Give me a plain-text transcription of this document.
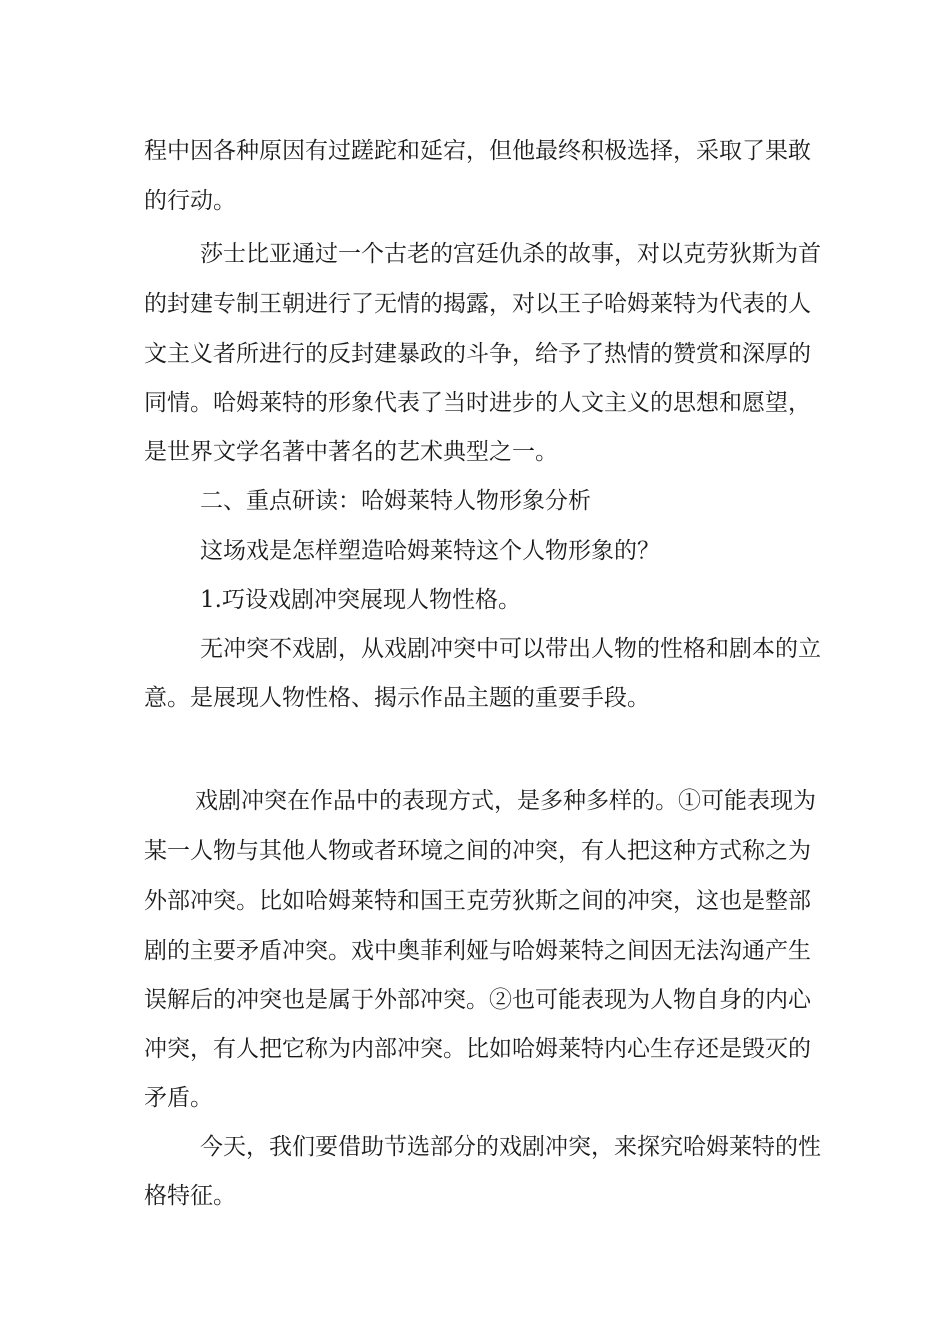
程中因各种原因有过蹉跎和延宕，但他最终积极选择，采取了果敢
的行动。
莎士比亚通过一个古老的宫廷仇杀的故事，对以克劳狄斯为首
的封建专制王朝进行了无情的揭露，对以王子哈姆莱特为代表的人
文主义者所进行的反封建暴政的斗争，给予了热情的赞赏和深厚的
同情。哈姆莱特的形象代表了当时进步的人文主义的思想和愿望，
是世界文学名著中著名的艺术典型之一。
二、重点研读：哈姆莱特人物形象分析
这场戏是怎样塑造哈姆莱特这个人物形象的？
1.巧设戏剧冲突展现人物性格。
无冲突不戏剧，从戏剧冲突中可以带出人物的性格和剧本的立
意。是展现人物性格、揭示作品主题的重要手段。
戏剧冲突在作品中的表现方式，是多种多样的。①可能表现为
某一人物与其他人物或者环境之间的冲突，有人把这种方式称之为
外部冲突。比如哈姆莱特和国王克劳狄斯之间的冲突，这也是整部
剧的主要矛盾冲突。戏中奥菲利娅与哈姆莱特之间因无法沟通产生
误解后的冲突也是属于外部冲突。②也可能表现为人物自身的内心
冲突，有人把它称为内部冲突。比如哈姆莱特内心生存还是毁灭的
矛盾。
今天，我们要借助节选部分的戏剧冲突，来探究哈姆莱特的性
格特征。
